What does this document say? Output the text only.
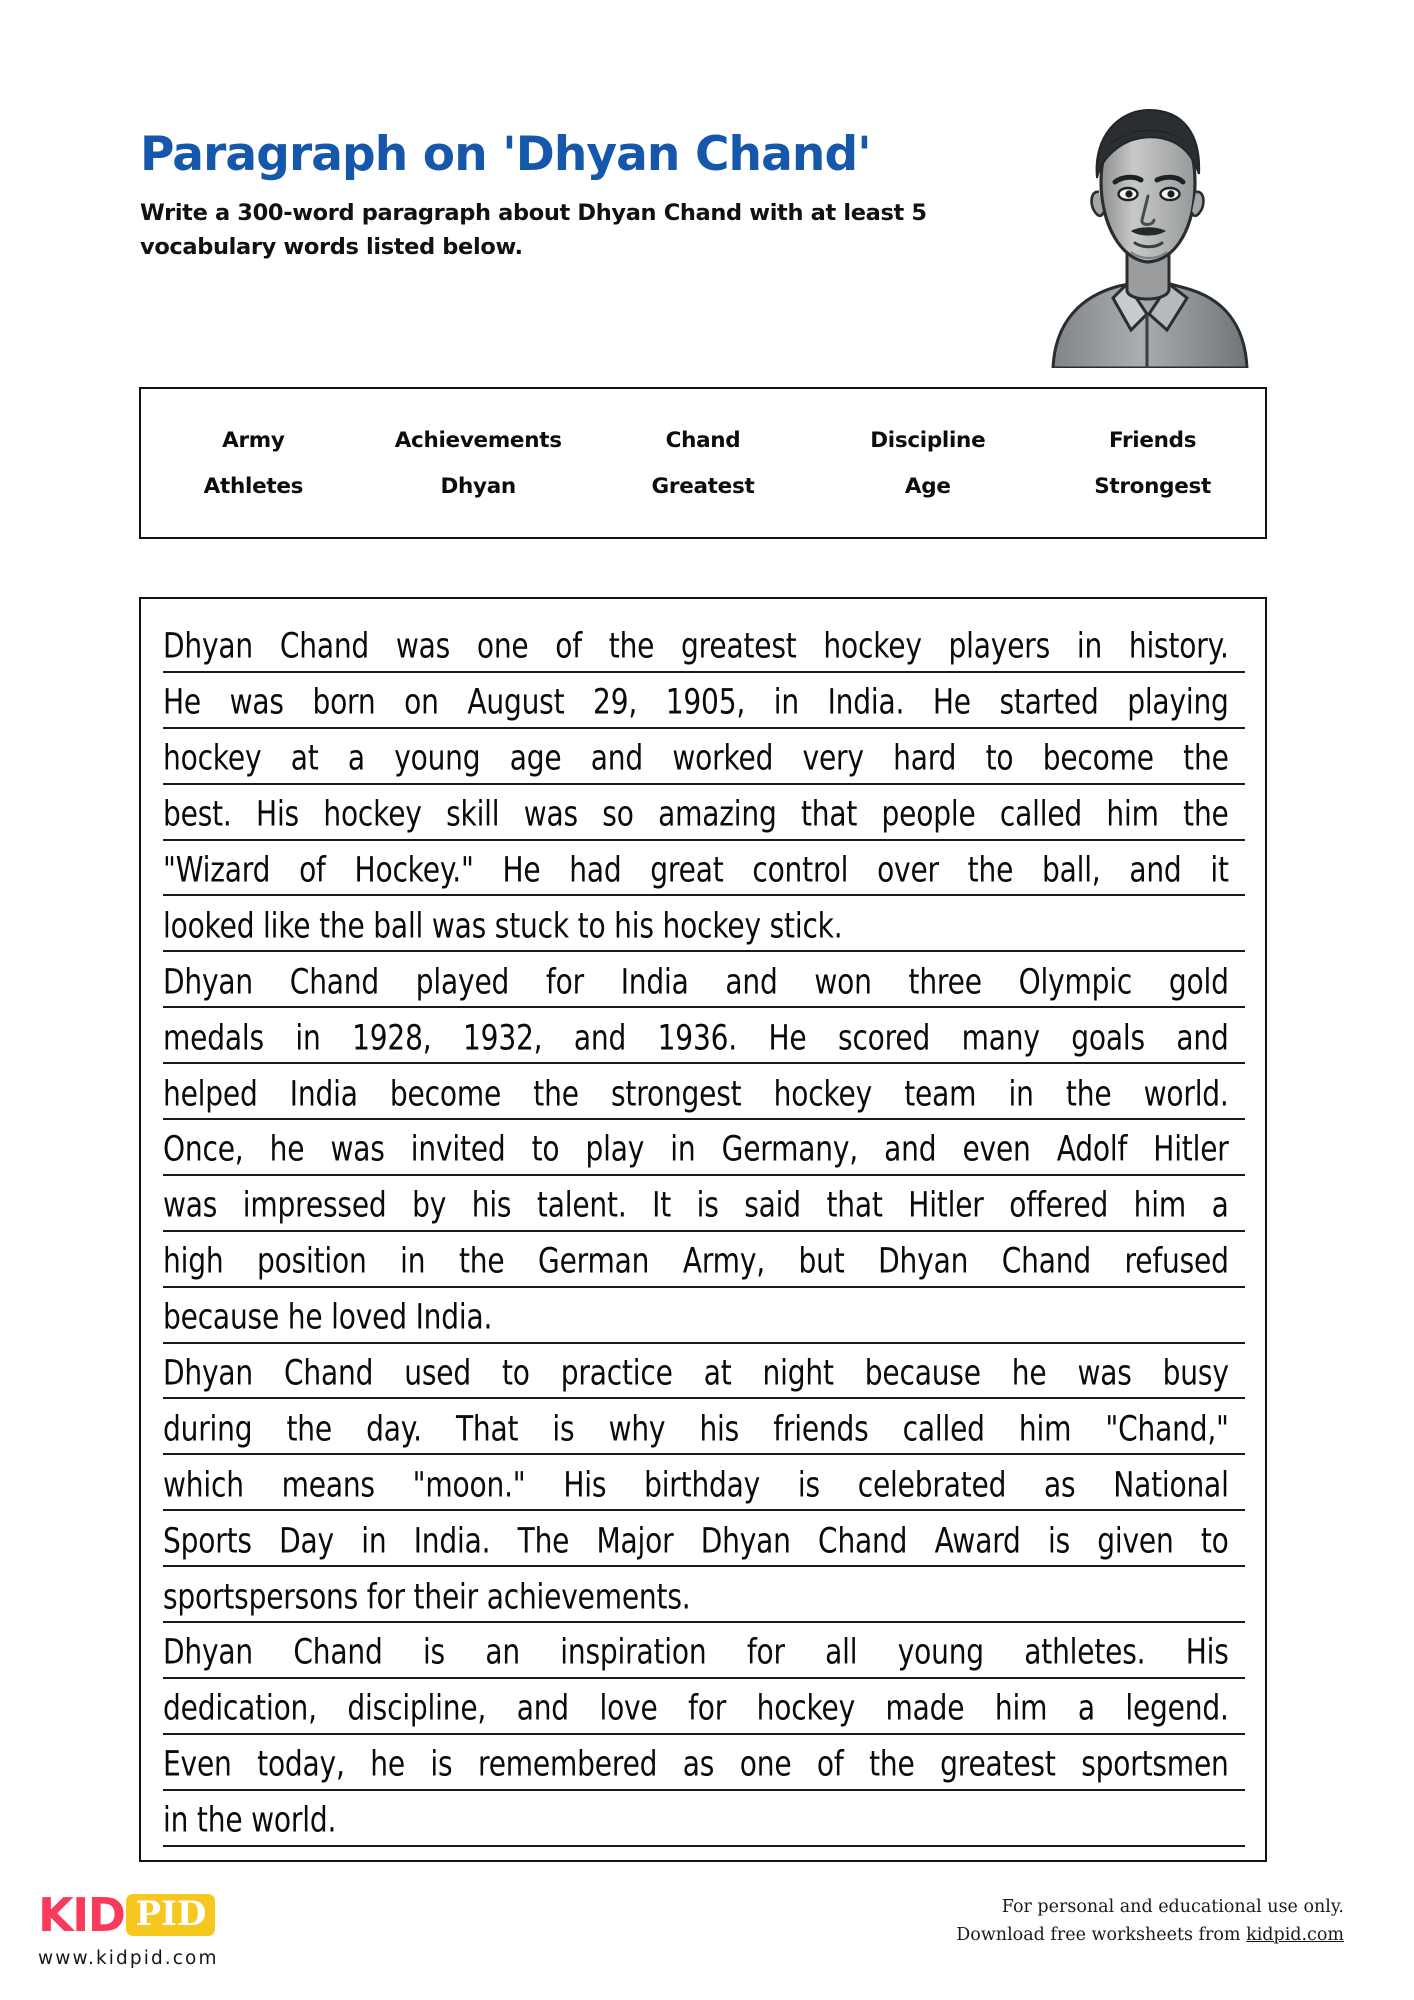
Paragraph on 'Dhyan Chand'

Write a 300-word paragraph about Dhyan Chand with at least 5 vocabulary words listed below.

Army	Achievements	Chand	Discipline	Friends
Athletes	Dhyan	Greatest	Age	Strongest
Dhyan Chand was one of the greatest hockey players in history.
He was born on August 29, 1905, in India. He started playing
hockey at a young age and worked very hard to become the
best. His hockey skill was so amazing that people called him the
"Wizard of Hockey." He had great control over the ball, and it
looked like the ball was stuck to his hockey stick.
Dhyan Chand played for India and won three Olympic gold
medals in 1928, 1932, and 1936. He scored many goals and
helped India become the strongest hockey team in the world.
Once, he was invited to play in Germany, and even Adolf Hitler
was impressed by his talent. It is said that Hitler offered him a
high position in the German Army, but Dhyan Chand refused
because he loved India.
Dhyan Chand used to practice at night because he was busy
during the day. That is why his friends called him "Chand,"
which means "moon." His birthday is celebrated as National
Sports Day in India. The Major Dhyan Chand Award is given to
sportspersons for their achievements.
Dhyan Chand is an inspiration for all young athletes. His
dedication, discipline, and love for hockey made him a legend.
Even today, he is remembered as one of the greatest sportsmen
in the world.
KID PID
www.kidpid.com
For personal and educational use only.
Download free worksheets from kidpid.com
